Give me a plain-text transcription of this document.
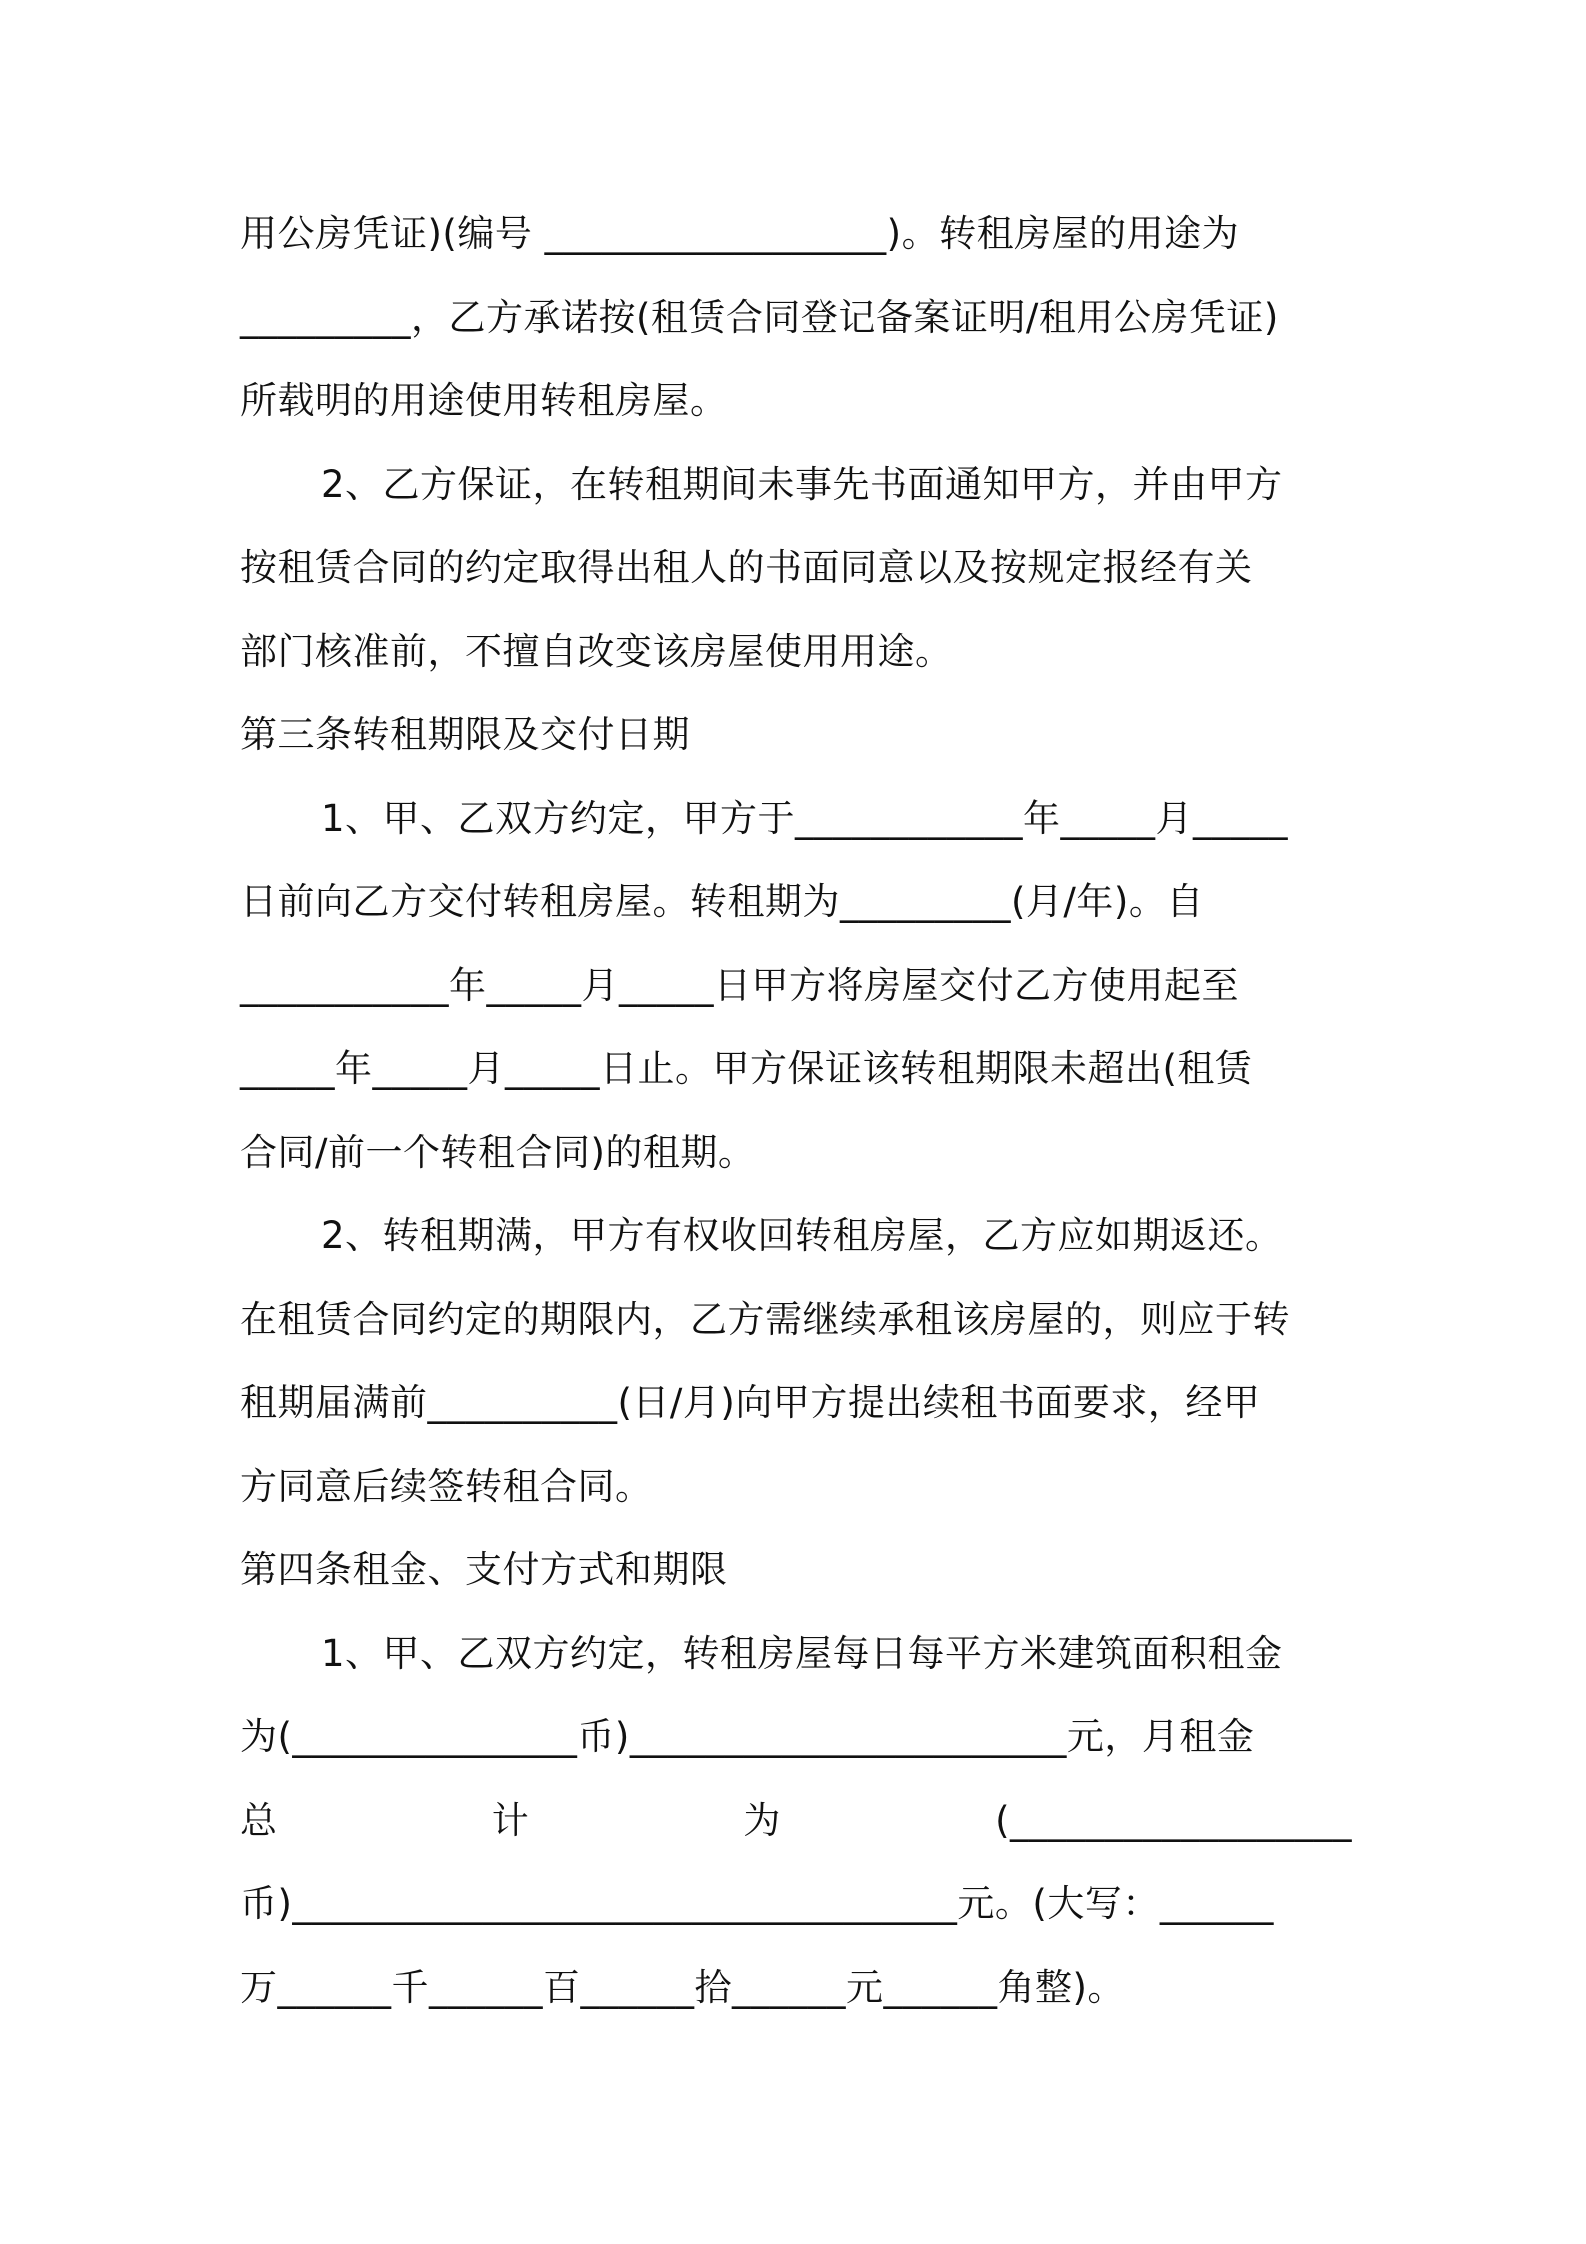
用公房凭证)(编号 __________________)。转租房屋的用途为
_________，乙方承诺按(租赁合同登记备案证明/租用公房凭证)
所载明的用途使用转租房屋。
2、乙方保证，在转租期间未事先书面通知甲方，并由甲方
按租赁合同的约定取得出租人的书面同意以及按规定报经有关
部门核准前，不擅自改变该房屋使用用途。
第三条转租期限及交付日期
1、甲、乙双方约定，甲方于____________年_____月_____
日前向乙方交付转租房屋。转租期为_________(月/年)。自
___________年_____月_____日甲方将房屋交付乙方使用起至
_____年_____月_____日止。甲方保证该转租期限未超出(租赁
合同/前一个转租合同)的租期。
2、转租期满，甲方有权收回转租房屋，乙方应如期返还。
在租赁合同约定的期限内，乙方需继续承租该房屋的，则应于转
租期届满前__________(日/月)向甲方提出续租书面要求，经甲
方同意后续签转租合同。
第四条租金、支付方式和期限
1、甲、乙双方约定，转租房屋每日每平方米建筑面积租金
为(_______________币)_______________________元，月租金
总 计 为 (__________________
币)___________________________________元。(大写：______
万______千______百______拾______元______角整)。
